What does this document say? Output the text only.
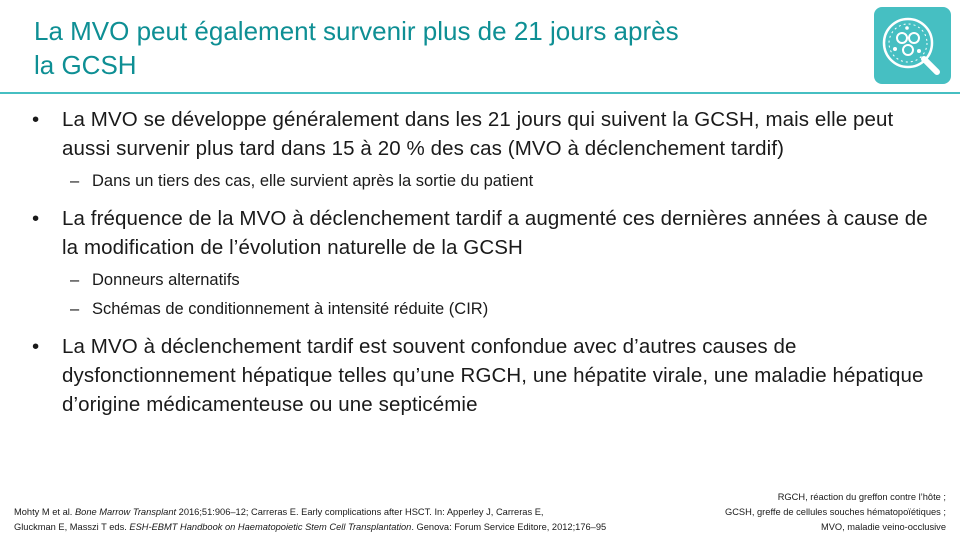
La MVO peut également survenir plus de 21 jours après
la GCSH
• La MVO se développe généralement dans les 21 jours qui suivent la GCSH, mais elle peut aussi survenir plus tard dans 15 à 20 % des cas (MVO à déclenchement tardif)
– Dans un tiers des cas, elle survient après la sortie du patient
• La fréquence de la MVO à déclenchement tardif a augmenté ces dernières années à cause de la modification de l’évolution naturelle de la GCSH
– Donneurs alternatifs
– Schémas de conditionnement à intensité réduite (CIR)
• La MVO à déclenchement tardif est souvent confondue avec d’autres causes de dysfonctionnement hépatique telles qu’une RGCH, une hépatite virale, une maladie hépatique d’origine médicamenteuse ou une septicémie
Mohty M et al. Bone Marrow Transplant 2016;51:906–12; Carreras E. Early complications after HSCT. In: Apperley J, Carreras E,
Gluckman E, Masszi T eds. ESH-EBMT Handbook on Haematopoietic Stem Cell Transplantation. Genova: Forum Service Editore, 2012;176–95
RGCH, réaction du greffon contre l’hôte ;
GCSH, greffe de cellules souches hématopoïétiques ;
MVO, maladie veino-occlusive
